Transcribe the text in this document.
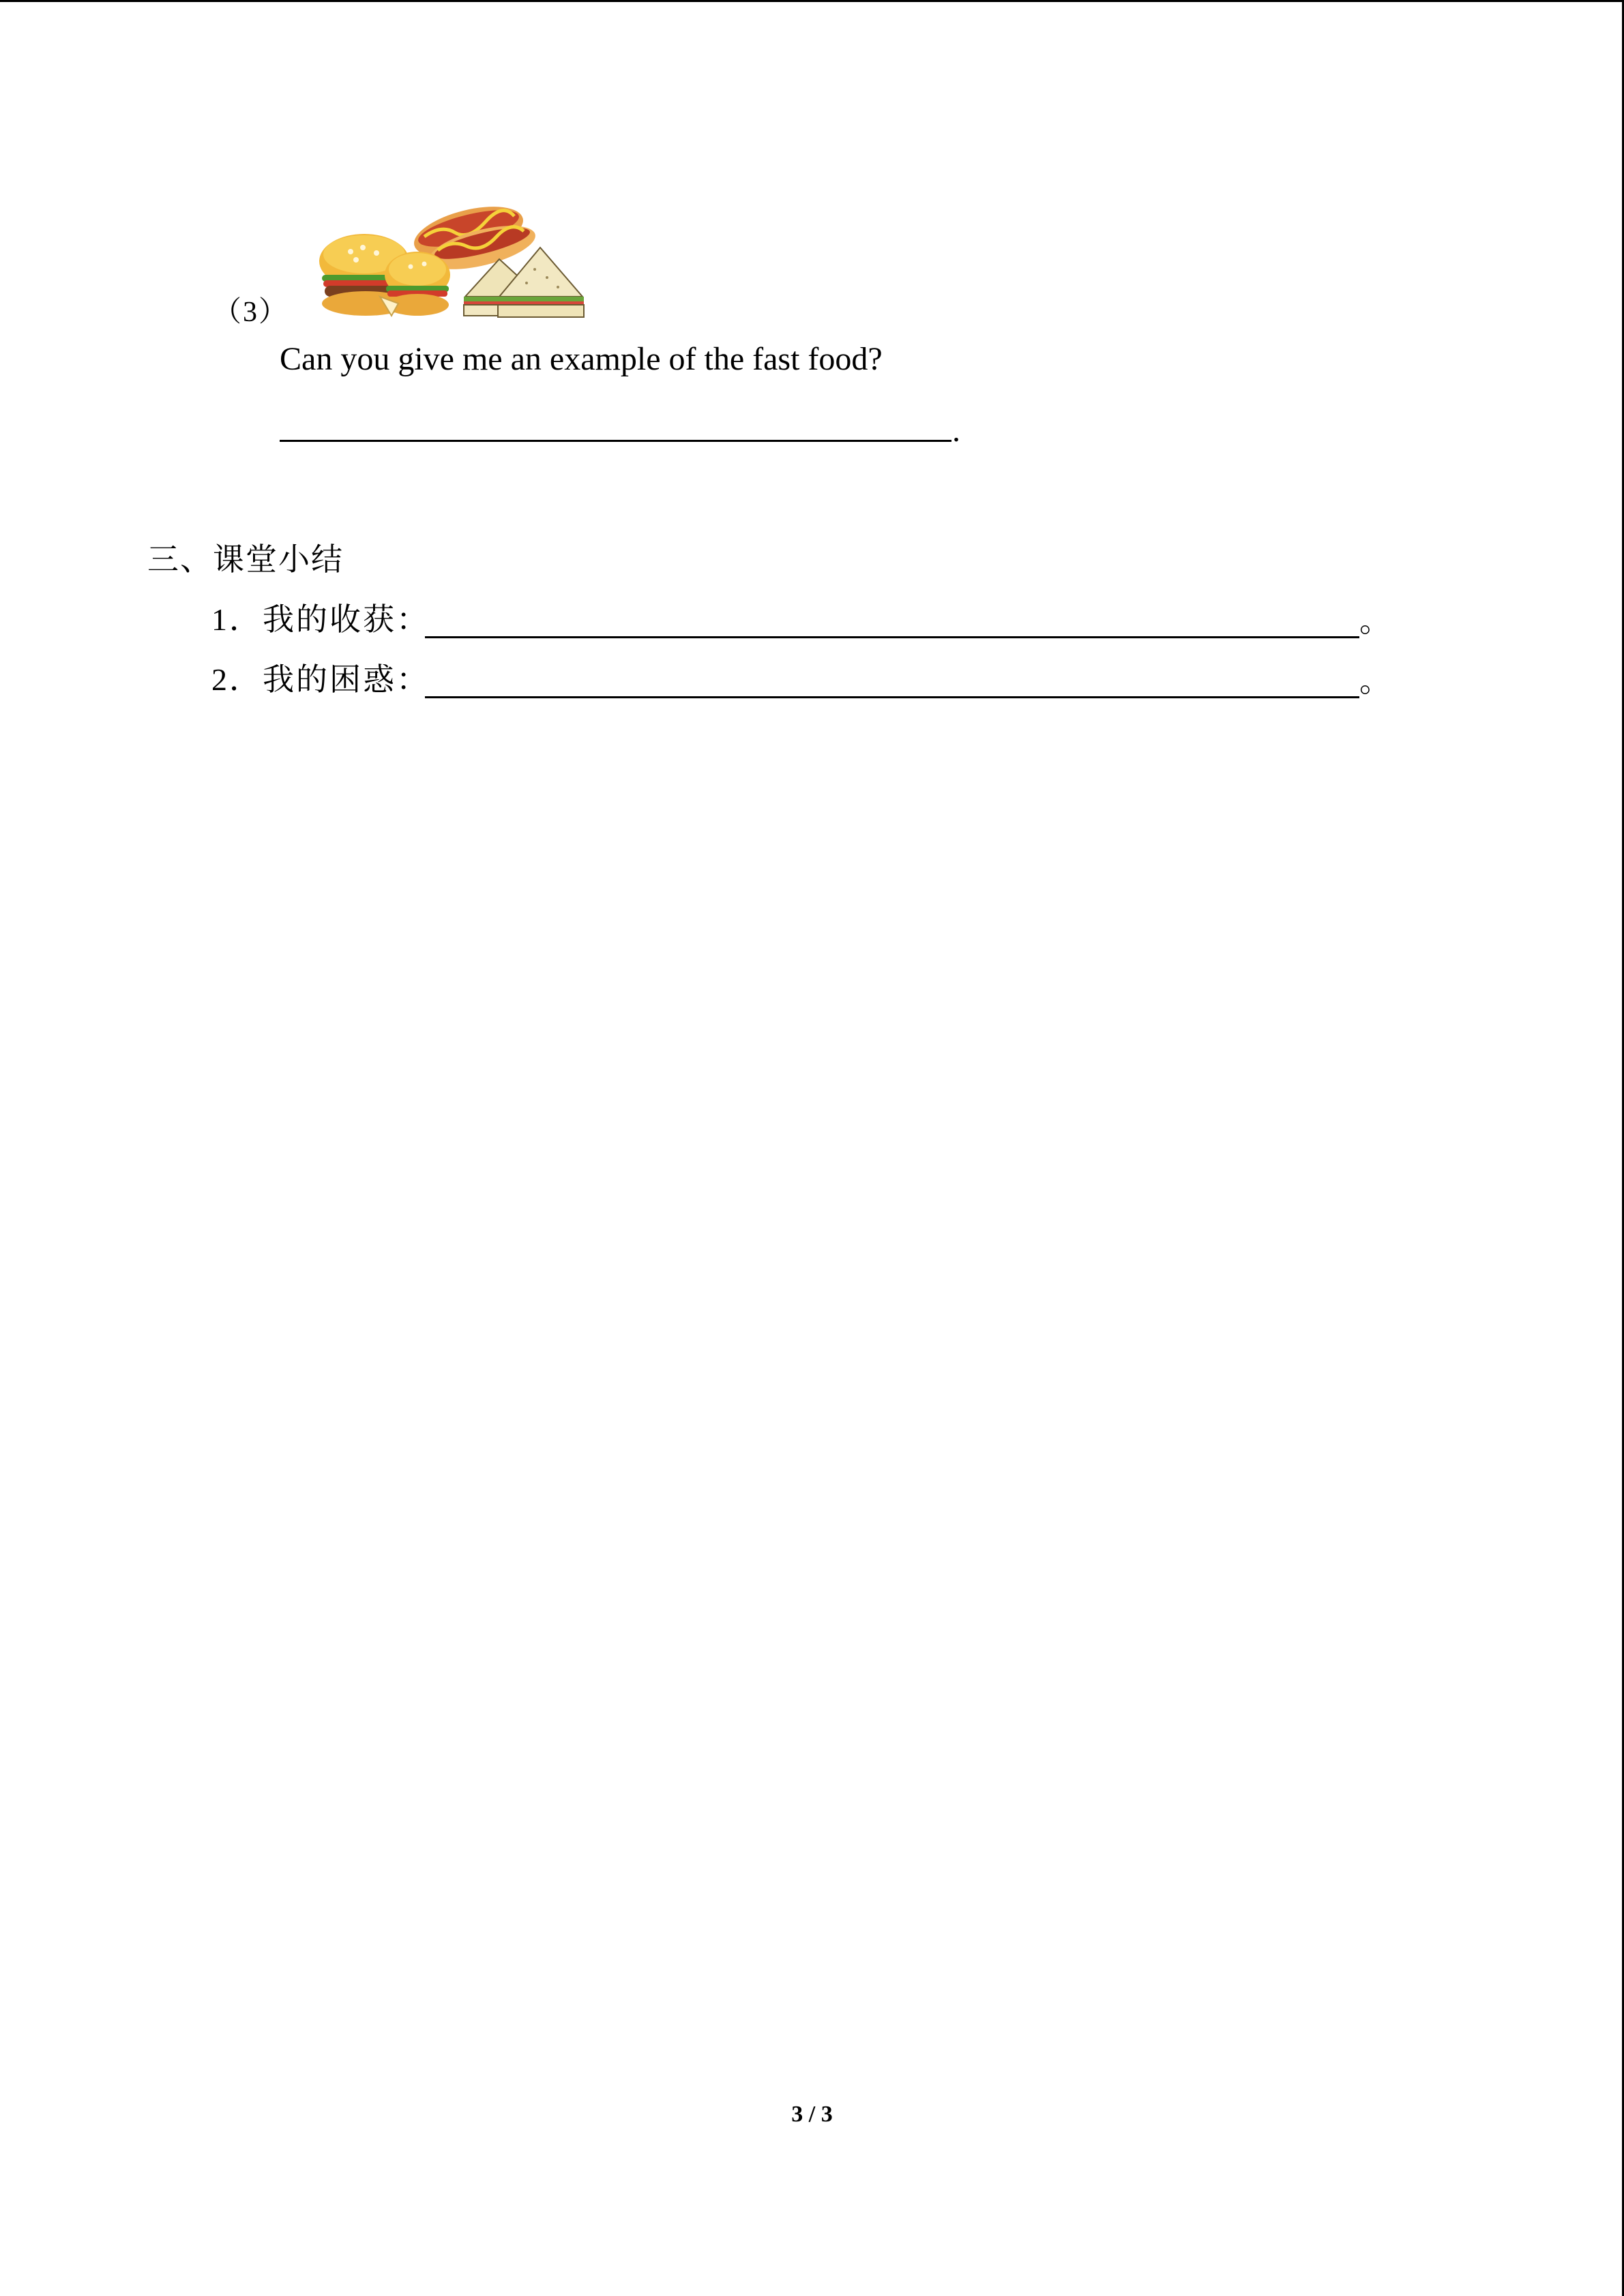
（3）
Can you give me an example of the fast food?
.
三、课堂小结
1．我的收获：	。
2．我的困惑：	。
3 / 3
